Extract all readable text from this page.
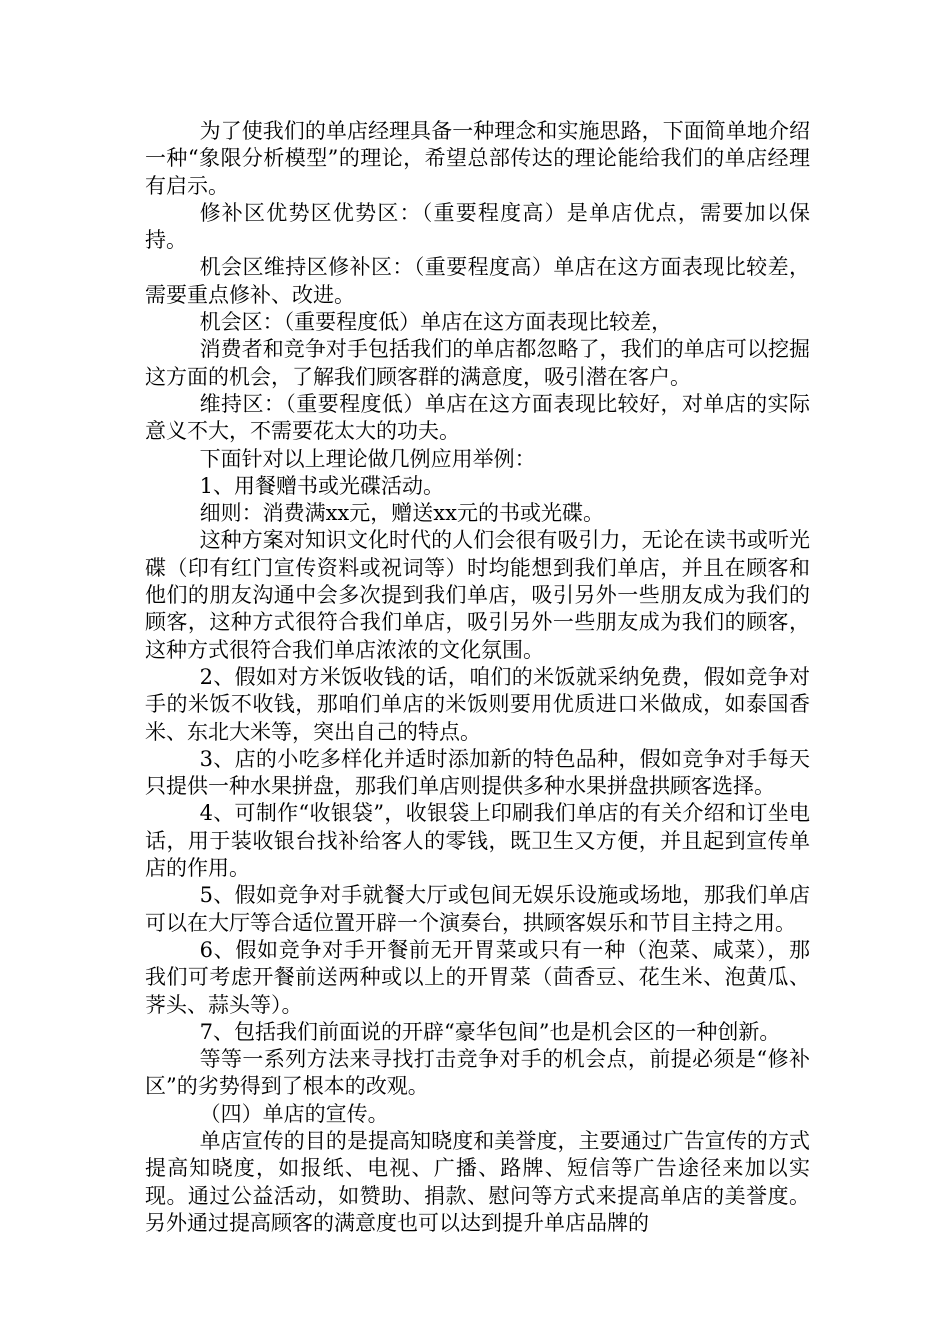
为了使我们的单店经理具备一种理念和实施思路，下面简单地介绍一种“象限分析模型”的理论，希望总部传达的理论能给我们的单店经理有启示。

修补区优势区优势区：（重要程度高）是单店优点，需要加以保持。

机会区维持区修补区：（重要程度高）单店在这方面表现比较差，需要重点修补、改进。

机会区：（重要程度低）单店在这方面表现比较差，

消费者和竞争对手包括我们的单店都忽略了，我们的单店可以挖掘这方面的机会，了解我们顾客群的满意度，吸引潜在客户。

维持区：（重要程度低）单店在这方面表现比较好，对单店的实际意义不大，不需要花太大的功夫。

下面针对以上理论做几例应用举例：

1、用餐赠书或光碟活动。

细则：消费满xx元，赠送xx元的书或光碟。

这种方案对知识文化时代的人们会很有吸引力，无论在读书或听光碟（印有红门宣传资料或祝词等）时均能想到我们单店，并且在顾客和他们的朋友沟通中会多次提到我们单店，吸引另外一些朋友成为我们的顾客，这种方式很符合我们单店，吸引另外一些朋友成为我们的顾客，这种方式很符合我们单店浓浓的文化氛围。

2、假如对方米饭收钱的话，咱们的米饭就采纳免费，假如竞争对手的米饭不收钱，那咱们单店的米饭则要用优质进口米做成，如泰国香米、东北大米等，突出自己的特点。

3、店的小吃多样化并适时添加新的特色品种，假如竞争对手每天只提供一种水果拼盘，那我们单店则提供多种水果拼盘拱顾客选择。

4、可制作“收银袋”，收银袋上印刷我们单店的有关介绍和订坐电话，用于装收银台找补给客人的零钱，既卫生又方便，并且起到宣传单店的作用。

5、假如竞争对手就餐大厅或包间无娱乐设施或场地，那我们单店可以在大厅等合适位置开辟一个演奏台，拱顾客娱乐和节目主持之用。

6、假如竞争对手开餐前无开胃菜或只有一种（泡菜、咸菜），那我们可考虑开餐前送两种或以上的开胃菜（茴香豆、花生米、泡黄瓜、荠头、蒜头等）。

7、包括我们前面说的开辟“豪华包间”也是机会区的一种创新。

等等一系列方法来寻找打击竞争对手的机会点，前提必须是“修补区”的劣势得到了根本的改观。

（四）单店的宣传。

单店宣传的目的是提高知晓度和美誉度，主要通过广告宣传的方式提高知晓度，如报纸、电视、广播、路牌、短信等广告途径来加以实现。通过公益活动，如赞助、捐款、慰问等方式来提高单店的美誉度。另外通过提高顾客的满意度也可以达到提升单店品牌的
